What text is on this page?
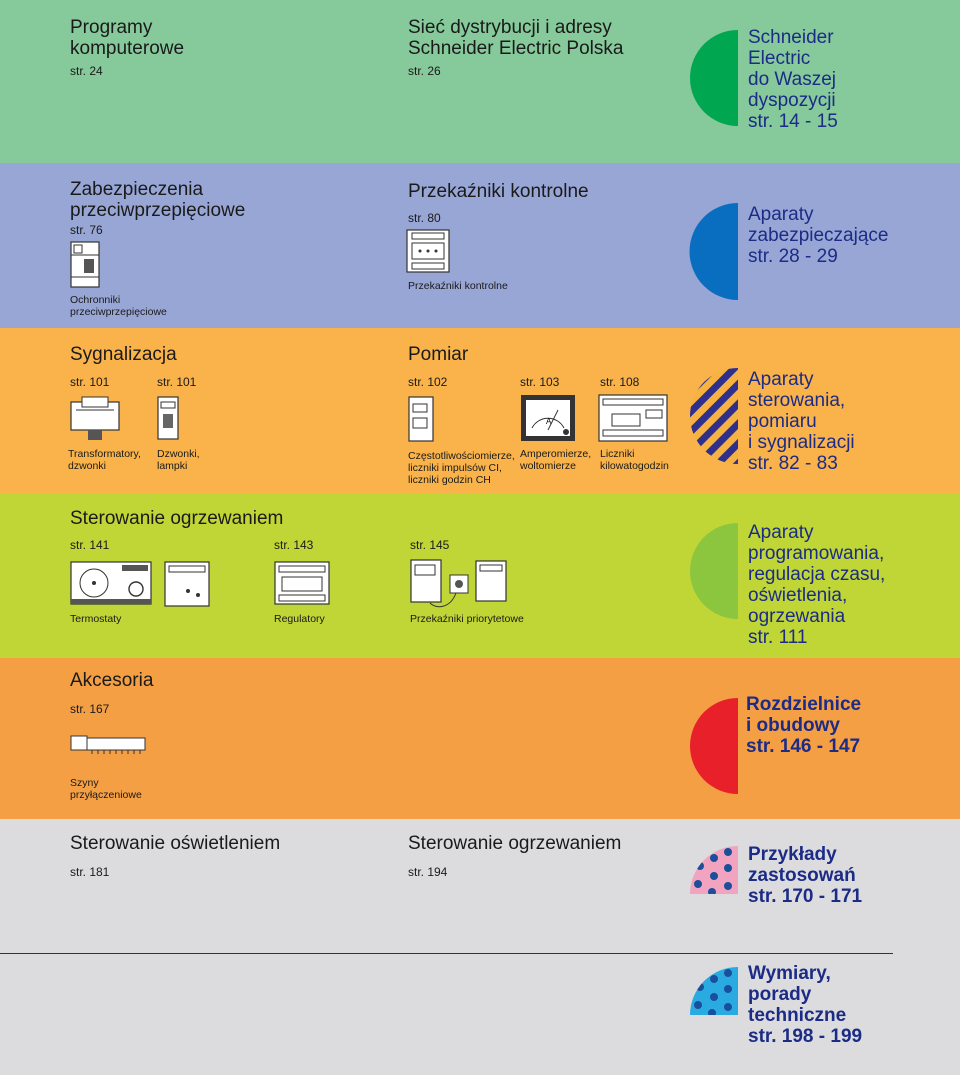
Programy
komputerowe
str. 24
Sieć dystrybucji i adresy
Schneider Electric Polska
str. 26
Schneider
Electric
do Waszej
dyspozycji
str. 14 - 15
Zabezpieczenia
przeciwprzepięciowe
str. 76
Ochronniki
przeciwprzepięciowe
Przekaźniki kontrolne
str. 80
Przekaźniki kontrolne
Aparaty
zabezpieczające
str. 28 - 29
Sygnalizacja
str. 101	str. 101
Transformatory,
dzwonki
Dzwonki,
lampki
Pomiar
str. 102	str. 103	str. 108
A
Częstotliwościomierze,
liczniki impulsów CI,
liczniki godzin CH
Amperomierze,
woltomierze
Liczniki
kilowatogodzin
Aparaty
sterowania,
pomiaru
i sygnalizacji
str. 82 - 83
Sterowanie ogrzewaniem
str. 141	str. 143	str. 145
Termostaty	Regulatory	Przekaźniki priorytetowe
Aparaty
programowania,
regulacja czasu,
oświetlenia,
ogrzewania
str. 111
Akcesoria
str. 167
Szyny
przyłączeniowe
Rozdzielnice
i obudowy
str. 146 - 147
Sterowanie oświetleniem
str. 181
Sterowanie ogrzewaniem
str. 194
Przykłady
zastosowań
str. 170 - 171
Wymiary,
porady
techniczne
str. 198 - 199
